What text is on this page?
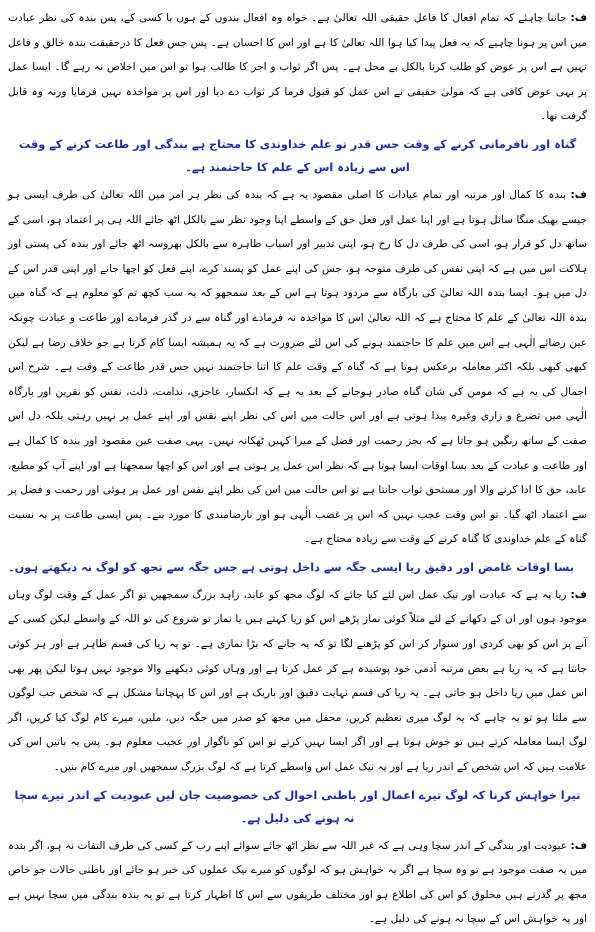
ف: جاننا چاہئے کہ تمام افعال کا فاعل حقیقی اللہ تعالیٰ ہے۔ خواہ وہ افعال بندوں کے ہوں یا کسی کے، پس بندہ کی نظر عبادت میں اس پر ہونا چاہیے کہ یہ فعل پیدا کیا ہوا اللہ تعالیٰ کا ہے اور اس کا احسان ہے۔ پس جس فعل کا درحقیقت بندہ خالق و فاعل نہیں ہے اس پر عوض کو طلب کرنا بالکل بے محل ہے۔ پس اگر ثواب و اجر کا طالب ہوا تو اس میں اخلاص نہ رہے گا۔ ایسا عمل پر یہی عوض کافی ہے کہ مولیٰ حقیقی نے اس عمل کو قبول فرما کر ثواب دے دیا اور اس پر مواخذہ نہیں فرمایا ورنہ وہ قابل گرفت تھا۔

گناہ اور نافرمانی کرنے کے وقت جس قدر تو علم خداوندی کا محتاج ہے بندگی اور طاعت کرنے کے وقت اس سے زیادہ اس کے علم کا حاجتمند ہے۔

ف: بندہ کا کمال اور مرتبہ اور تمام عبادات کا اصلی مقصود یہ ہے کہ بندہ کی نظر ہر امر میں اللہ تعالیٰ کی طرف ایسی ہو جیسے بھیک منگا سائل ہوتا ہے اور اپنا عمل اور فعل حق کے واسطے اپنا وجود نظر سے بالکل اٹھ جائے اللہ ہی پر اعتماد ہو، اسی کے ساتھ دل کو قرار ہو، اسی کی طرف دل کا رخ ہو، اپنی تدبیر اور اسباب ظاہرہ سے بالکل بھروسہ اٹھ جائے اور بندہ کی پستی اور ہلاکت اس میں ہے کہ اپنی نفس کی طرف متوجہ ہو، جس کی اپنے عمل کو پسند کرے، اپنے فعل کو اچھا جانے اور اپنی قدر اس کے دل میں ہو۔ ایسا بندہ اللہ تعالیٰ کی بارگاہ سے مردود ہوتا ہے اس کے بعد سمجھو کہ یہ سب کچھ تم کو معلوم ہے کہ گناہ میں بندہ اللہ تعالیٰ کے علم کا محتاج ہے کہ اللہ تعالیٰ اس کا مواخذہ نہ فرمادے اور گناہ سے در گذر فرمادے اور طاعت و عبادت چونکہ عین رضائے الٰہی ہے اس میں علم کا حاجتمند ہونے کی اس لئے ضرورت ہے کہ یہ ہمیشہ ایسا کام کرتا ہے جو خلاف رضا ہے لیکن کبھی کبھی بلکہ اکثر معاملہ برعکس ہوتا ہے کہ گناہ کے وقت علم کا اتنا حاجتمند نہیں جس قدر طاعت کے وقت ہے۔ شرح اس اجمال کی یہ ہے کہ مومن کی شان گناہ صادر ہوجانے کے بعد یہ ہے کہ انکسار، عاجزی، ندامت، ذلت، نفس کو نفرین اور بارگاہ الٰہی میں تضرع و زاری وغیرہ پیدا ہوتی ہے اور اس حالت میں اس کی نظر اپنے نفس اور اپنے عمل پر نہیں رہتی بلکہ دل اس صفت کے ساتھ رنگین ہو جاتا ہے کہ بجز رحمت اور فضل کے میرا کہیں ٹھکانہ نہیں۔ یہی صفت عین مقصود اور بندہ کا کمال ہے اور طاعت و عبادت کے بعد بسا اوقات ایسا ہوتا ہے کہ نظر اس عمل پر ہوتی ہے اور اس کو اچھا سمجھتا ہے اور اپنے آپ کو مطیع، عابد، حق کا ادا کرنے والا اور مستحق ثواب جانتا ہے تو اس حالت میں اس کی نظر اپنے نفس اور عمل پر ہوئی اور رحمت و فضل پر سے اعتماد اٹھ گیا۔ تو اس وقت عجب نہیں کہ اس پر غضب الٰہی ہو اور نارضامندی کا مورد بنے۔ پس ایسی طاعت پر بہ نسبت گناہ کے علم خداوندی کا گناہ کرنے کے وقت سے زیادہ محتاج ہے۔

بسا اوقات غامض اور دقیق ریا ایسی جگہ سے داخل ہوتی ہے جس جگہ سے تجھ کو لوگ نہ دیکھتے ہوں۔

ف: ریا یہ ہے کہ عبادت اور نیک عمل اس لئے کیا جائے کہ لوگ مجھ کو عابد، زاہد بزرگ سمجھیں تو اگر عمل کے وقت لوگ وہاں موجود ہوں اور ان کے دکھانے کے لئے مثلاً کوئی نماز پڑھے اس کو ریا کہتے ہیں یا نماز تو شروع کی تو اللہ کے واسطے لیکن کسی کے آنے پر اس کو بھی کردی اور سنوار کر اس کو پڑھنے لگا تو کہ یہ جانے کہ بڑا نمازی ہے۔ تو یہ ریا کی قسم ظاہر ہے اور ہر کوئی جانتا ہے کہ یہ ریا ہے بعض مرتبہ آدمی خود پوشیدہ ہے کر عمل کرتا ہے اور وہاں کوئی دیکھنے والا موجود نہیں ہوتا لیکن پھر بھی اس عمل میں ریا داخل ہو جاتی ہے۔ یہ ریا کی قسم نہایت دقیق اور باریک ہے اور اس کا پہچاننا مشکل ہے کہ شخص جب لوگوں سے ملتا ہو تو یہ چاہے کہ یہ لوگ میری تعظیم کریں، محفل میں مجھ کو صدر میں جگہ دیں، ملیں، میرے کام لوگ کیا کریں، اگر لوگ ایسا معاملہ کرتے ہیں تو خوش ہوتا ہے اور اگر ایسا نہیں کرتے تو اس کو ناگوار اور عجیب معلوم ہو۔ پس یہ باتیں اس کی علامت ہیں کہ اس شخص کے اندر ریا ہے اور یہ نیک عمل اس واسطے کرتا ہے کہ لوگ بزرگ سمجھیں اور میرے کام بنیں۔

تیرا خواہش کرنا کہ لوگ تیرے اعمال اور باطنی احوال کی خصوصیت جان لیں عبودیت کے اندر تیرے سچا نہ ہونے کی دلیل ہے۔

ف: عبودیت اور بندگی کے اندر سچا وہی ہے کہ غیر اللہ سے نظر اٹھ جائے سوائے اپنے رب کے کسی کی طرف التفات نہ ہو، اگر بندہ میں یہ صفت موجود ہے تو وہ سچا ہے اگر یہ خواہش ہو کہ لوگوں کو میرے نیک عملوں کی خبر ہو جائے اور باطنی حالات جو خاص مجھ پر گذرتے ہیں مخلوق کو اس کی اطلاع ہو اور مختلف طریقوں سے اس کا اظہار کرتا ہے تو یہ بندہ بندگی میں سچا نہیں ہے اور یہ خواہش اس کے سچا نہ ہونے کی دلیل ہے۔
